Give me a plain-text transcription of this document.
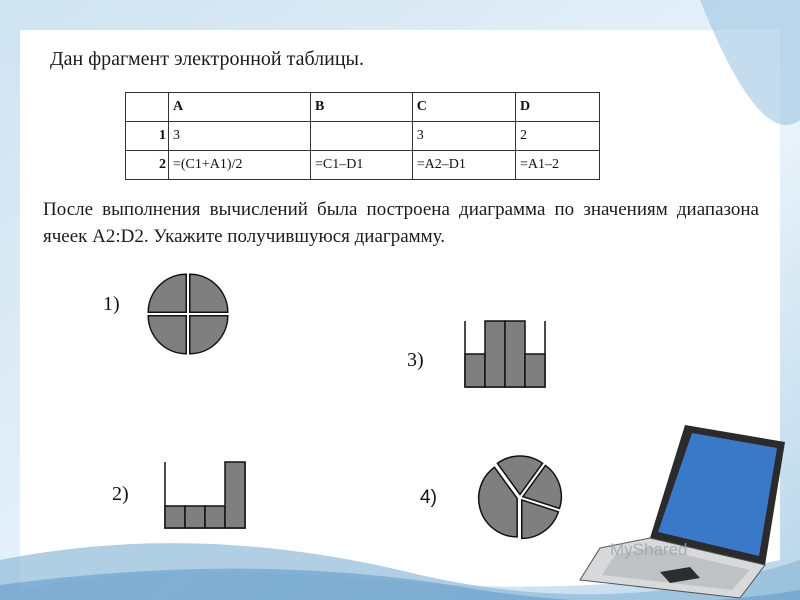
Дан фрагмент электронной таблицы.
	A	B	C	D
1	3		3	2
2	=(C1+A1)/2	=C1–D1	=A2–D1	=A1–2
После выполнения вычислений была построена диаграмма по значениям диапазона ячеек A2:D2. Укажите получившуюся диаграмму.
1)
2)
3)
4)
MyShared
